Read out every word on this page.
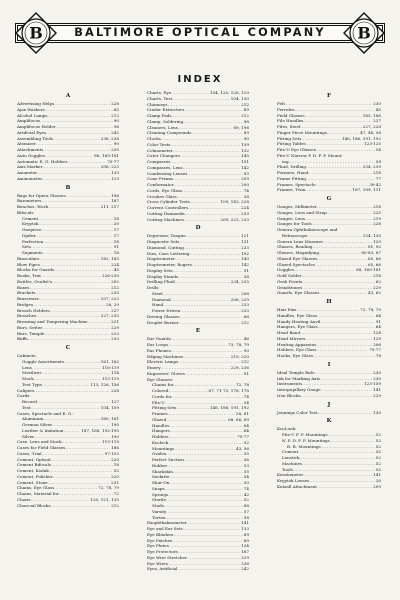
BALTIMORE OPTICAL COMPANY
B	B
INDEX
A
Advertising Helps .....	228
Ajax Washers .....	65
Alcohol Lamps .....	212
Amplifocus .....	90
Amplifocus Holder .....	96
Artificial Eyes .....	242
Assembling Tools .....	236, 238
Atomizer .....	90
Attachments .....	235
Auto Goggles .....	88, 165-181
Automatic E. G. Holders .....	75-77
Axis Marker .....	206, 223
Axometer .....	133
Axonometer .....	123
B
Bags for Opera Glasses .....	196
Barometers .....	187
Benches, Work .....	211, 217
Bifocals
Cement .....	18
Kryptok .....	20
Onepiece .....	17
Opifex .....	17
Perfection .....	18
Sets .....	91
Segments .....	18
Binoculars .....	182, 183
Blow Pipes .....	224
Blocks for Guards .....	45
Books, Text .....	226-230
Bottles, Oculist's .....	202
Boxes .....	212
Brackets .....	235
Brassware .....	207, 223
Bridges .....	28, 29
Broach Holders .....	227
Broaches .....	227, 235
Bronzing and Tempering Machine .....	221
Burs, Setter .....	229
Burs, Temple .....	223
Buffs .....	233
C
Cabinets:
Goggle Assortments .....	161, 162
Lens .....	116-119
Sterilizer .....	114
Stock .....	115-119
Test Type .....	113, 126, 156
Calipers .....	228
Cards:
Record .....	127
Test .....	104, 109
Cases, Spectacle and E. G.:
Aluminum .....	160, 161
German Silver .....	190
Leather & Imitation .....	187, 188, 192-195
Silver .....	190
Case, Lens and Stock .....	115-119
Cases for Field Glasses .....	186
Cases, Trial .....	97-103
Cement, Optical .....	220
Cement Bifocals .....	18
Cement, Kodak .....	52
Cement, Polisher .....	220
Cement, Stone .....	231
Chains, Eye Glass .....	72, 78, 79
Chains, Material for .....	72
Chairs .....	120, 121, 135
Charcoal Blocks .....	212
Charts, Eye .....	104, 125, 126, 129
Charts, Test .....	104, 130
Chimneys .....	212
Cinder Extractors .....	89
Clamp Pads .....	212
Clamp, Soldering .....	98
Cleaners, Lens .....	89, 196
Cleaning Compounds .....	89
Clocks .....	90
Color Tests .....	139
Colmometer .....	132
Cater Changers .....	145
Compasses .....	191
Compasses, Lens .....	142
Condensing Lenses .....	93
Cone Prisms .....	209
Conformator .....	200
Cords, Eye Glass .....	74
Crookes Glass .....	38
Cross Cylinder Tests .....	109, 143, 228
Current Controllers .....	224
Cutting Diamonds .....	233
Cutting Machines .....	209, 223, 233
D
Depressor, Tongue .....	121
Diagnostic Sets .....	131
Diamond, Cutting .....	233
Dies, Case Lettering .....	192
Dioptrometer .....	143
Dioptrometer, Rogers .....	142
Display Sets .....	91
Display Stands .....	38
Drilling Fluid .....	234, 235
Drills:
Steel .....	208
Diamond .....	208, 229
Hand .....	233
Power Driven .....	233
Driving Glasses .....	68
Droplet Burner .....	212
E
Ear Guards .....	46
Ear Loops .....	73, 78, 79
Ear Phones .....	90
Edging Machines .....	219, 220
Electric Lamps .....	212
Emery .....	229, 236
Engravers' Gloves .....	91
Eye Glasses:
Chains for .....	72, 78
Colored .....	67, 71-73, 176, 178
Cords for .....	74
Fits-U .....	54
Fitting Sets .....	146, 188, 191, 192
Frames .....	58, 61
Glazed .....	68, 66, 69
Handles .....	64
Hangers .....	64
Holders .....	75-77
Kocleck .....	52
Mountings .....	43, 56
Ovalex .....	55
Perfect Suction .....	56
Rubber .....	53
Sharkskin .....	55
Seekrite .....	54
Shur-On .....	50
Snaps .....	74
Springs .....	42
Sterile .....	52
Studs .....	68
Varsity .....	57
Tortex .....	58
Exophthalmometer .....	141
Eye and Ear Sets .....	133
Eye Blinders .....	89
Eye Patches .....	89
Eye Plates .....	134
Eye Protectors .....	167
Eye Wire Stretcher .....	229
Eye Wires .....	238
Eyes, Artificial .....	242
F
Felt .....	230
Ferrules .....	45
Field Glasses .....	185, 186
File Handles .....	227
Files, Steel .....	227, 228
Finger Piece Mountings .....	47, 48, 58
Fitting Sets .....	146, 186, 191, 192
Fitting Tables .....	123-125
Fits-U Eye Glasses .....	54
Fits-U Narrow P. D. F. P. Mount-
ing .....	58
Fluid, Drilling .....	234, 239
Formers, Hand .....	218
Frame Fitting .....	77
Frames, Spectacle .....	30-42
Frames, Twin .....	187, 189, 111
G
Gauges, Millimeter .....	218
Gauges, Lens and Strap .....	225
Gauges, Lens .....	219
Gauges for Tools .....	228
Genera Ophthalmoscope and
Retinoscope .....	134, 135
Genera Lens Measure .....	129
Glasses, Reading .....	81, 92
Glasses, Magnifying .....	80-83, 87
Glazed Eye Glasses .....	65, 66
Glazed Spectacles .....	65, 66
Goggles .....	88, 165-181
Gold Solder .....	218
Grab Fronts .....	62
Grindstones .....	229
Guards, Eye Glasses .....	43, 62
H
Hair Pins .....	72, 78, 79
Handles, Eye Glass .....	64
Handy Heating Anvil .....	91
Hangers, Eye Glass .....	64
Head Band .....	128
Head Mirrors .....	129
Heating Apparatus .....	206
Holders, Eye Glass .....	75-77
Hooks, Eye Glass .....	78
I
Ideal Temple Rule .....	230
Ink for Marking Axis .....	230
Instruments .....	123-159
Interpupillary Gauge .....	141
Iron Blocks .....	229
J
Jennings Color Test .....	130
K
KooLook:
Fits-U F. P. Mountings .....	52
N. P. D. F. P. Mountings .....	52
R. R. Mountings .....	52
Cement .....	52
Lenstick .....	52
Machines .....	52
Tools .....	52
Keratometer .....	141
Kryptok Lenses .....	20
Kutzall Attachment .....	209
